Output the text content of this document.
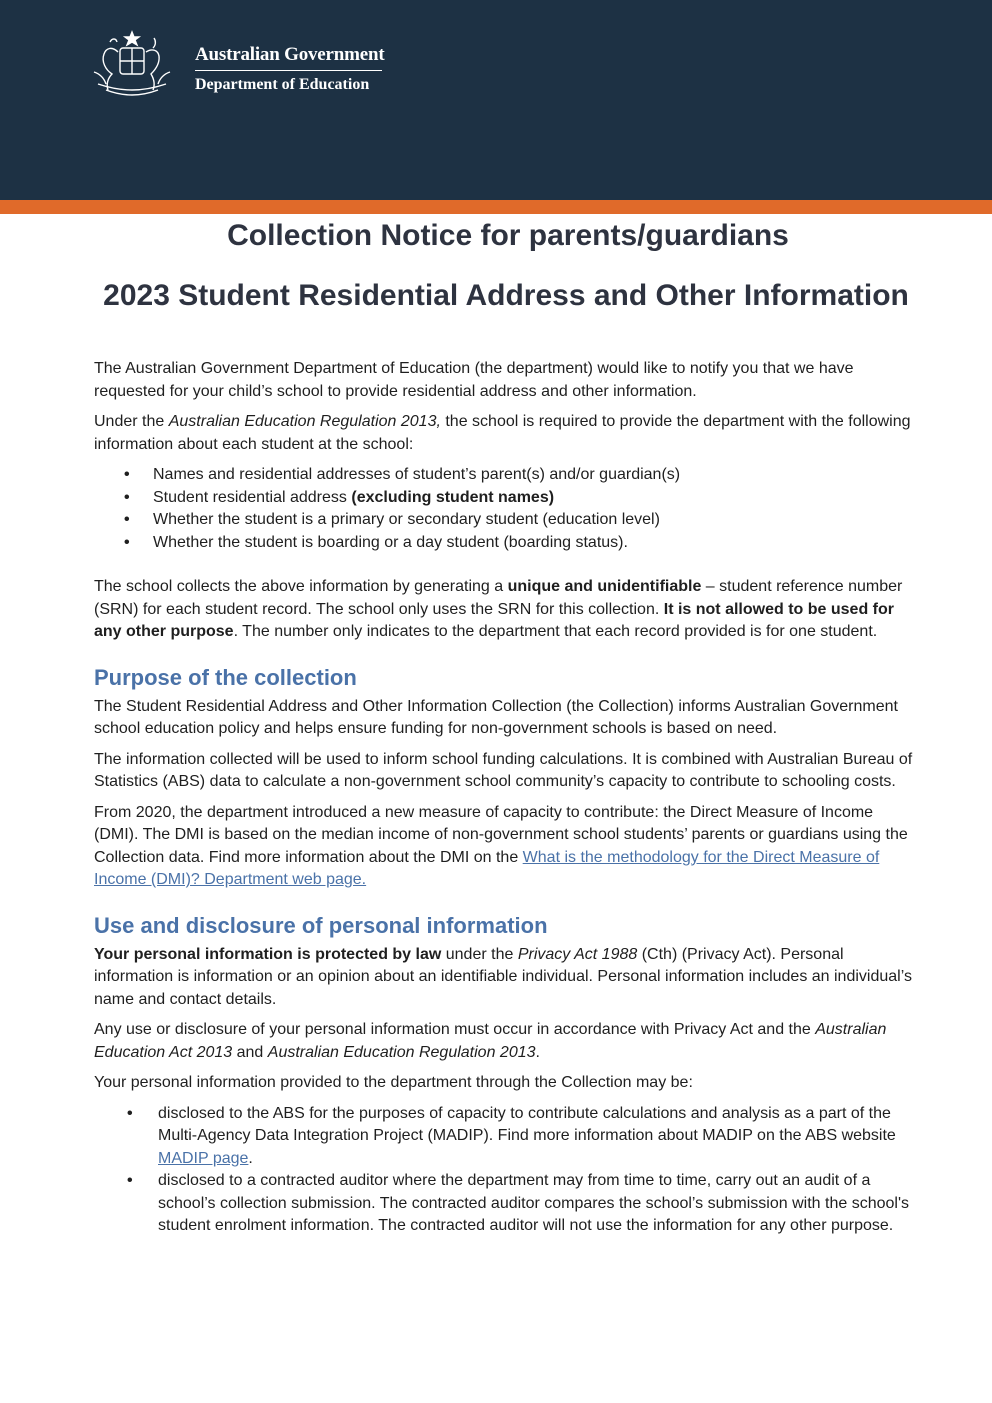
Australian Government
Department of Education
Collection Notice for parents/guardians
2023 Student Residential Address and Other Information

The Australian Government Department of Education (the department) would like to notify you that we have requested for your child’s school to provide residential address and other information.

Under the Australian Education Regulation 2013, the school is required to provide the department with the following information about each student at the school:

• Names and residential addresses of student’s parent(s) and/or guardian(s)
• Student residential address (excluding student names)
• Whether the student is a primary or secondary student (education level)
• Whether the student is boarding or a day student (boarding status).

The school collects the above information by generating a unique and unidentifiable – student reference number (SRN) for each student record. The school only uses the SRN for this collection. It is not allowed to be used for any other purpose. The number only indicates to the department that each record provided is for one student.

Purpose of the collection

The Student Residential Address and Other Information Collection (the Collection) informs Australian Government school education policy and helps ensure funding for non-government schools is based on need.

The information collected will be used to inform school funding calculations. It is combined with Australian Bureau of Statistics (ABS) data to calculate a non-government school community’s capacity to contribute to schooling costs.

From 2020, the department introduced a new measure of capacity to contribute: the Direct Measure of Income (DMI). The DMI is based on the median income of non-government school students’ parents or guardians using the Collection data. Find more information about the DMI on the What is the methodology for the Direct Measure of Income (DMI)? Department web page.

Use and disclosure of personal information

Your personal information is protected by law under the Privacy Act 1988 (Cth) (Privacy Act). Personal information is information or an opinion about an identifiable individual. Personal information includes an individual’s name and contact details.

Any use or disclosure of your personal information must occur in accordance with Privacy Act and the Australian Education Act 2013 and Australian Education Regulation 2013.

Your personal information provided to the department through the Collection may be:

• disclosed to the ABS for the purposes of capacity to contribute calculations and analysis as a part of the Multi-Agency Data Integration Project (MADIP). Find more information about MADIP on the ABS website MADIP page.
• disclosed to a contracted auditor where the department may from time to time, carry out an audit of a school’s collection submission. The contracted auditor compares the school’s submission with the school's student enrolment information. The contracted auditor will not use the information for any other purpose.
